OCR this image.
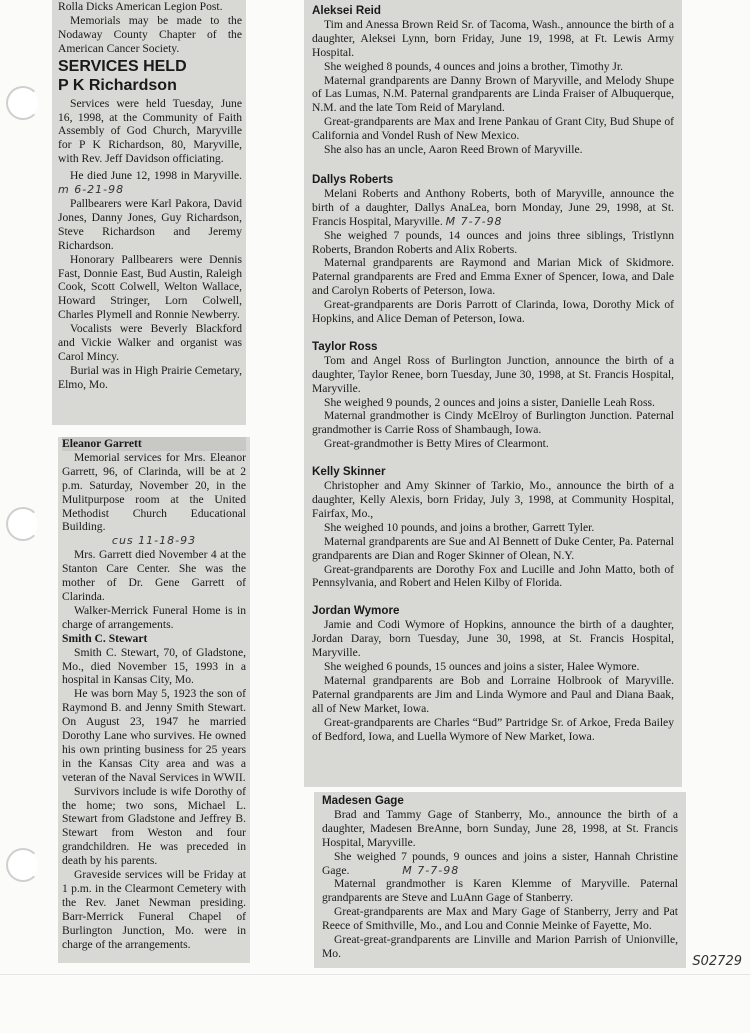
Rolla Dicks American Legion Post.

Memorials may be made to the Nodaway County Chapter of the American Cancer Society.

SERVICES HELD

P K Richardson

Services were held Tuesday, June 16, 1998, at the Community of Faith Assembly of God Church, Maryville for P K Richardson, 80, Maryville, with Rev. Jeff Davidson officiating.

He died June 12, 1998 in Maryville. m 6-21-98

Pallbearers were Karl Pakora, David Jones, Danny Jones, Guy Richardson, Steve Richardson and Jeremy Richardson.

Honorary Pallbearers were Dennis Fast, Donnie East, Bud Austin, Raleigh Cook, Scott Colwell, Welton Wallace, Howard Stringer, Lorn Colwell, Charles Plymell and Ronnie Newberry.

Vocalists were Beverly Blackford and Vickie Walker and organist was Carol Mincy.

Burial was in High Prairie Cemetary, Elmo, Mo.

Eleanor Garrett

Memorial services for Mrs. Eleanor Garrett, 96, of Clarinda, will be at 2 p.m. Saturday, November 20, in the Mulitpurpose room at the United Methodist Church Educational Building.

cus 11-18-93

Mrs. Garrett died November 4 at the Stanton Care Center. She was the mother of Dr. Gene Garrett of Clarinda.

Walker-Merrick Funeral Home is in charge of arrangements.

Smith C. Stewart

Smith C. Stewart, 70, of Gladstone, Mo., died November 15, 1993 in a hospital in Kansas City, Mo.

He was born May 5, 1923 the son of Raymond B. and Jenny Smith Stewart. On August 23, 1947 he married Dorothy Lane who survives. He owned his own printing business for 25 years in the Kansas City area and was a veteran of the Naval Services in WWII.

Survivors include is wife Dorothy of the home; two sons, Michael L. Stewart from Gladstone and Jeffrey B. Stewart from Weston and four grandchildren. He was preceded in death by his parents.

Graveside services will be Friday at 1 p.m. in the Clearmont Cemetery with the Rev. Janet Newman presiding. Barr-Merrick Funeral Chapel of Burlington Junction, Mo. were in charge of the arrangements.

Aleksei Reid

Tim and Anessa Brown Reid Sr. of Tacoma, Wash., announce the birth of a daughter, Aleksei Lynn, born Friday, June 19, 1998, at Ft. Lewis Army Hospital.

She weighed 8 pounds, 4 ounces and joins a brother, Timothy Jr.

Maternal grandparents are Danny Brown of Maryville, and Melody Shupe of Las Lumas, N.M. Paternal grandparents are Linda Fraiser of Albuquerque, N.M. and the late Tom Reid of Maryland.

Great-grandparents are Max and Irene Pankau of Grant City, Bud Shupe of California and Vondel Rush of New Mexico.

She also has an uncle, Aaron Reed Brown of Maryville.

Dallys Roberts

Melani Roberts and Anthony Roberts, both of Maryville, announce the birth of a daughter, Dallys AnaLea, born Monday, June 29, 1998, at St. Francis Hospital, Maryville. M 7-7-98

She weighed 7 pounds, 14 ounces and joins three siblings, Tristlynn Roberts, Brandon Roberts and Alix Roberts.

Maternal grandparents are Raymond and Marian Mick of Skidmore. Paternal grandparents are Fred and Emma Exner of Spencer, Iowa, and Dale and Carolyn Roberts of Peterson, Iowa.

Great-grandparents are Doris Parrott of Clarinda, Iowa, Dorothy Mick of Hopkins, and Alice Deman of Peterson, Iowa.

Taylor Ross

Tom and Angel Ross of Burlington Junction, announce the birth of a daughter, Taylor Renee, born Tuesday, June 30, 1998, at St. Francis Hospital, Maryville.

She weighed 9 pounds, 2 ounces and joins a sister, Danielle Leah Ross.

Maternal grandmother is Cindy McElroy of Burlington Junction. Paternal grandmother is Carrie Ross of Shambaugh, Iowa.

Great-grandmother is Betty Mires of Clearmont.

Kelly Skinner

Christopher and Amy Skinner of Tarkio, Mo., announce the birth of a daughter, Kelly Alexis, born Friday, July 3, 1998, at Community Hospital, Fairfax, Mo.,

She weighed 10 pounds, and joins a brother, Garrett Tyler.

Maternal grandparents are Sue and Al Bennett of Duke Center, Pa. Paternal grandparents are Dian and Roger Skinner of Olean, N.Y.

Great-grandparents are Dorothy Fox and Lucille and John Matto, both of Pennsylvania, and Robert and Helen Kilby of Florida.

Jordan Wymore

Jamie and Codi Wymore of Hopkins, announce the birth of a daughter, Jordan Daray, born Tuesday, June 30, 1998, at St. Francis Hospital, Maryville.

She weighed 6 pounds, 15 ounces and joins a sister, Halee Wymore.

Maternal grandparents are Bob and Lorraine Holbrook of Maryville. Paternal grandparents are Jim and Linda Wymore and Paul and Diana Baak, all of New Market, Iowa.

Great-grandparents are Charles “Bud” Partridge Sr. of Arkoe, Freda Bailey of Bedford, Iowa, and Luella Wymore of New Market, Iowa.

Madesen Gage

Brad and Tammy Gage of Stanberry, Mo., announce the birth of a daughter, Madesen BreAnne, born Sunday, June 28, 1998, at St. Francis Hospital, Maryville.

She weighed 7 pounds, 9 ounces and joins a sister, Hannah Christine Gage.	M 7-7-98

Maternal grandmother is Karen Klemme of Maryville. Paternal grandparents are Steve and LuAnn Gage of Stanberry.

Great-grandparents are Max and Mary Gage of Stanberry, Jerry and Pat Reece of Smithville, Mo., and Lou and Connie Meinke of Fayette, Mo.

Great-great-grandparents are Linville and Marion Parrish of Unionville, Mo.

S02729
